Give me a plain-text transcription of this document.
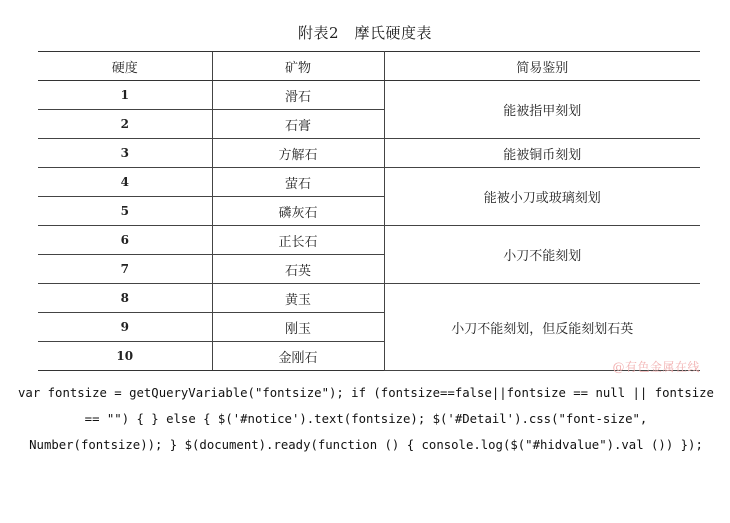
附表2　摩氏硬度表
硬度	矿物	简易鉴别
1	滑石	能被指甲刻划
2	石膏	
3	方解石	能被铜币刻划
4	萤石	能被小刀或玻璃刻划
5	磷灰石	
6	正长石	小刀不能刻划
7	石英	
8	黄玉	小刀不能刻划，但反能刻划石英
9	刚玉	
10	金刚石	
@有色金属在线
var fontsize = getQueryVariable("fontsize"); if (fontsize==false||fontsize == null || fontsize == "") { } else { $('#notice').text(fontsize); $('#Detail').css("font-size", Number(fontsize)); } $(document).ready(function () { console.log($("#hidvalue").val ()) });
